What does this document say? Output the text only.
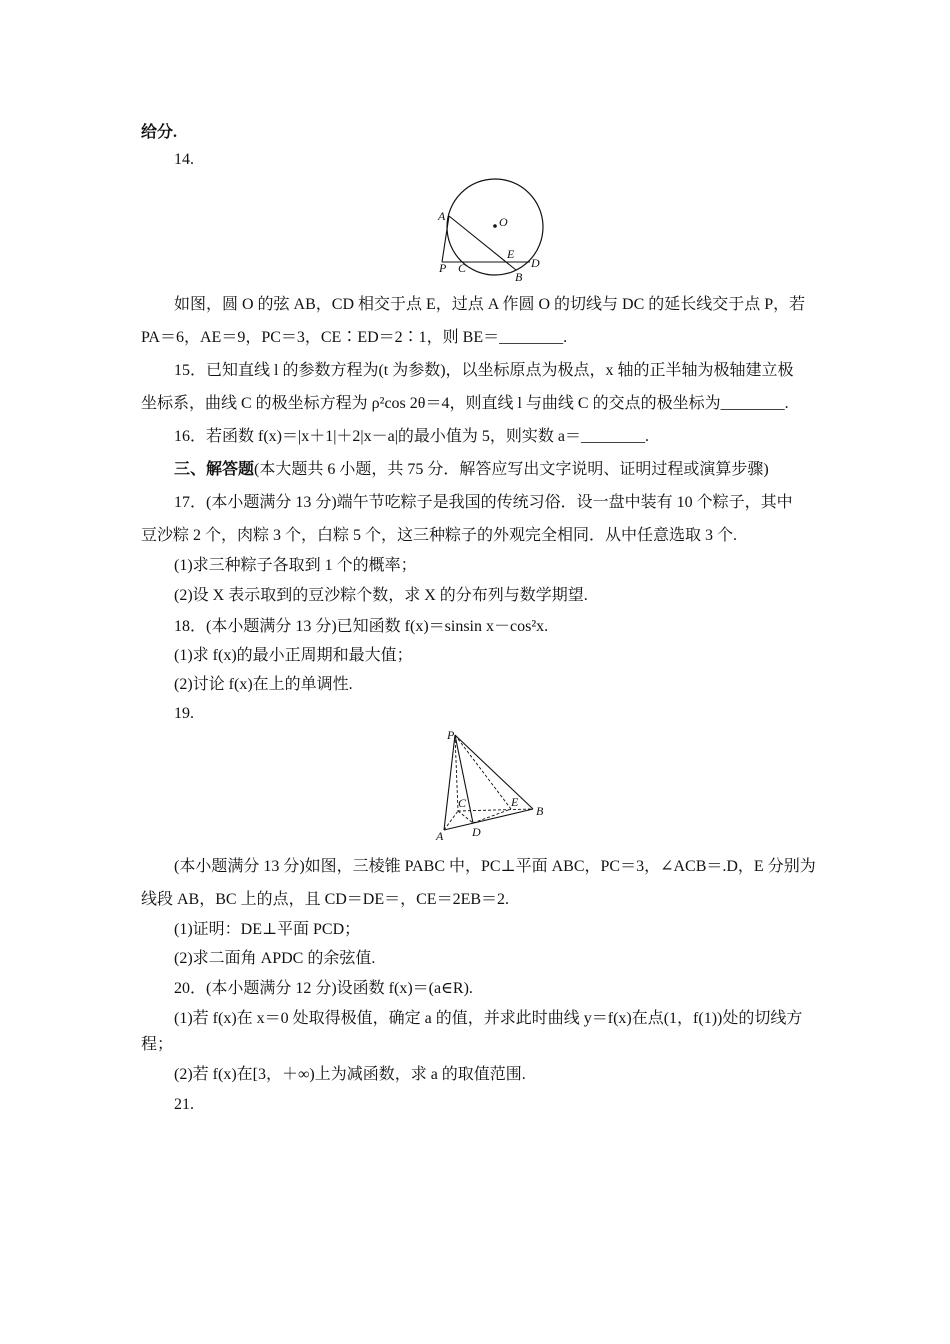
给分.
14.
A	O
E
D
P C
B
如图，圆 O 的弦 AB，CD 相交于点 E，过点 A 作圆 O 的切线与 DC 的延长线交于点 P，若
PA＝6，AE＝9，PC＝3，CE∶ED＝2∶1，则 BE＝________.
15．已知直线 l 的参数方程为(t 为参数)，以坐标原点为极点，x 轴的正半轴为极轴建立极
坐标系，曲线 C 的极坐标方程为 ρ²cos 2θ＝4，则直线 l 与曲线 C 的交点的极坐标为________.
16．若函数 f(x)＝|x＋1|＋2|x－a|的最小值为 5，则实数 a＝________.
三、解答题(本大题共 6 小题，共 75 分．解答应写出文字说明、证明过程或演算步骤)
17．(本小题满分 13 分)端午节吃粽子是我国的传统习俗．设一盘中装有 10 个粽子，其中
豆沙粽 2 个，肉粽 3 个，白粽 5 个，这三种粽子的外观完全相同．从中任意选取 3 个.
(1)求三种粽子各取到 1 个的概率；
(2)设 X 表示取到的豆沙粽个数，求 X 的分布列与数学期望.
18．(本小题满分 13 分)已知函数 f(x)＝sinsin x－cos²x.
(1)求 f(x)的最小正周期和最大值；
(2)讨论 f(x)在上的单调性.
19.
P
C	E
B
A D
(本小题满分 13 分)如图，三棱锥 PABC 中，PC⊥平面 ABC，PC＝3，∠ACB＝.D，E 分别为
线段 AB，BC 上的点，且 CD＝DE＝，CE＝2EB＝2.
(1)证明：DE⊥平面 PCD；
(2)求二面角 APDC 的余弦值.
20．(本小题满分 12 分)设函数 f(x)＝(a∈R).
(1)若 f(x)在 x＝0 处取得极值，确定 a 的值，并求此时曲线 y＝f(x)在点(1，f(1))处的切线方
程；
(2)若 f(x)在[3，＋∞)上为减函数，求 a 的取值范围.
21.
